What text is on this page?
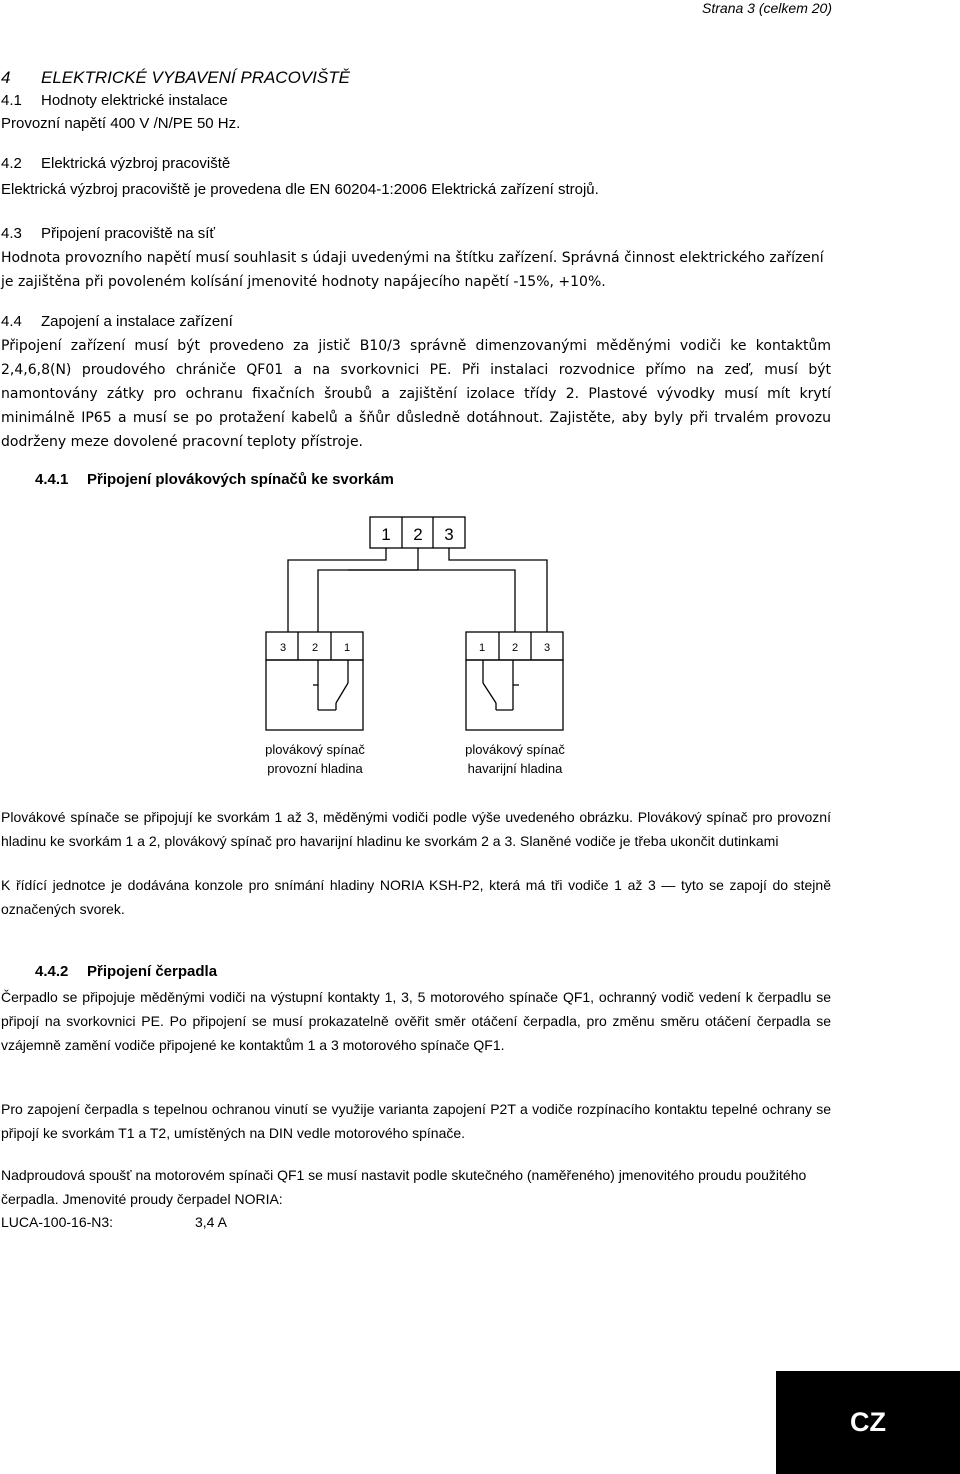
Strana 3 (celkem 20)
4 ELEKTRICKÉ VYBAVENÍ PRACOVIŠTĚ
4.1 Hodnoty elektrické instalace
Provozní napětí 400 V /N/PE 50 Hz.
4.2 Elektrická výzbroj pracoviště
Elektrická výzbroj pracoviště je provedena dle EN 60204-1:2006 Elektrická zařízení strojů.
4.3 Připojení pracoviště na síť
Hodnota provozního napětí musí souhlasit s údaji uvedenými na štítku zařízení. Správná činnost elektrického zařízení je zajištěna při povoleném kolísání jmenovité hodnoty napájecího napětí -15%, +10%.
4.4 Zapojení a instalace zařízení
Připojení zařízení musí být provedeno za jistič B10/3 správně dimenzovanými měděnými vodiči ke kontaktům 2,4,6,8(N) proudového chrániče QF01 a na svorkovnici PE. Při instalaci rozvodnice přímo na zeď, musí být namontovány zátky pro ochranu fixačních šroubů a zajištění izolace třídy 2. Plastové vývodky musí mít krytí minimálně IP65 a musí se po protažení kabelů a šňůr důsledně dotáhnout. Zajistěte, aby byly při trvalém provozu dodrženy meze dovolené pracovní teploty přístroje.
4.4.1 Připojení plovákových spínačů ke svorkám
1 2 3
3 2 1	1 2 3
plovákový spínač
provozní hladina
plovákový spínač
havarijní hladina
Plovákové spínače se připojují ke svorkám 1 až 3, měděnými vodiči podle výše uvedeného obrázku. Plovákový spínač pro provozní hladinu ke svorkám 1 a 2, plovákový spínač pro havarijní hladinu ke svorkám 2 a 3. Slaněné vodiče je třeba ukončit dutinkami
K řídící jednotce je dodávána konzole pro snímání hladiny NORIA KSH-P2, která má tři vodiče 1 až 3 — tyto se zapojí do stejně označených svorek.
4.4.2 Připojení čerpadla
Čerpadlo se připojuje měděnými vodiči na výstupní kontakty 1, 3, 5 motorového spínače QF1, ochranný vodič vedení k čerpadlu se připojí na svorkovnici PE. Po připojení se musí prokazatelně ověřit směr otáčení čerpadla, pro změnu směru otáčení čerpadla se vzájemně zamění vodiče připojené ke kontaktům 1 a 3 motorového spínače QF1.
Pro zapojení čerpadla s tepelnou ochranou vinutí se využije varianta zapojení P2T a vodiče rozpínacího kontaktu tepelné ochrany se připojí ke svorkám T1 a T2, umístěných na DIN vedle motorového spínače.
Nadproudová spoušť na motorovém spínači QF1 se musí nastavit podle skutečného (naměřeného) jmenovitého proudu použitého čerpadla. Jmenovité proudy čerpadel NORIA:
LUCA-100-16-N3:	3,4 A
CZ
